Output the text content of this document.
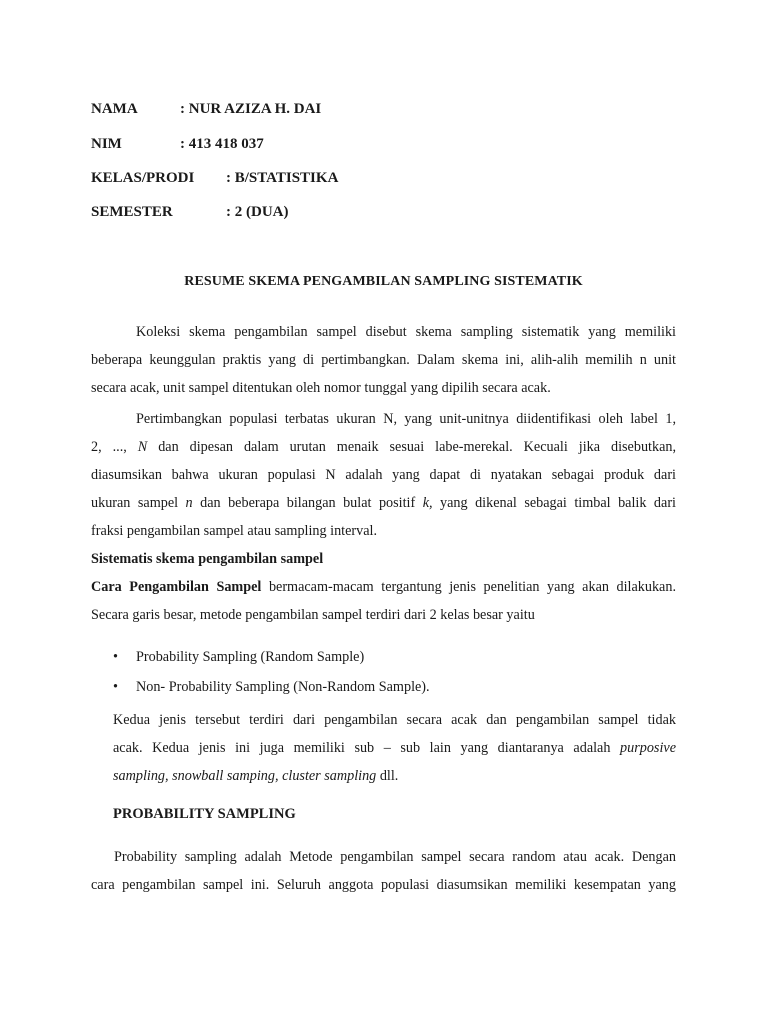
NAMA	: NUR AZIZA H. DAI
NIM	: 413 418 037
KELAS/PRODI : B/STATISTIKA
SEMESTER	: 2 (DUA)
RESUME SKEMA PENGAMBILAN SAMPLING SISTEMATIK
Koleksi skema pengambilan sampel disebut skema sampling sistematik yang memiliki
beberapa keunggulan praktis yang di pertimbangkan. Dalam skema ini, alih-alih memilih n unit
secara acak, unit sampel ditentukan oleh nomor tunggal yang dipilih secara acak.
Pertimbangkan populasi terbatas ukuran N, yang unit-unitnya diidentifikasi oleh label 1,
2, ..., N dan dipesan dalam urutan menaik sesuai labe-merekal. Kecuali jika disebutkan,
diasumsikan bahwa ukuran populasi N adalah yang dapat di nyatakan sebagai produk dari
ukuran sampel n dan beberapa bilangan bulat positif k, yang dikenal sebagai timbal balik dari
fraksi pengambilan sampel atau sampling interval.
Sistematis skema pengambilan sampel
Cara Pengambilan Sampel bermacam-macam tergantung jenis penelitian yang akan dilakukan.
Secara garis besar, metode pengambilan sampel terdiri dari 2 kelas besar yaitu
• Probability Sampling (Random Sample)
• Non- Probability Sampling (Non-Random Sample).
Kedua jenis tersebut terdiri dari pengambilan secara acak dan pengambilan sampel tidak
acak. Kedua jenis ini juga memiliki sub – sub lain yang diantaranya adalah purposive
sampling, snowball samping, cluster sampling dll.
PROBABILITY SAMPLING
Probability sampling adalah Metode pengambilan sampel secara random atau acak. Dengan
cara pengambilan sampel ini. Seluruh anggota populasi diasumsikan memiliki kesempatan yang
